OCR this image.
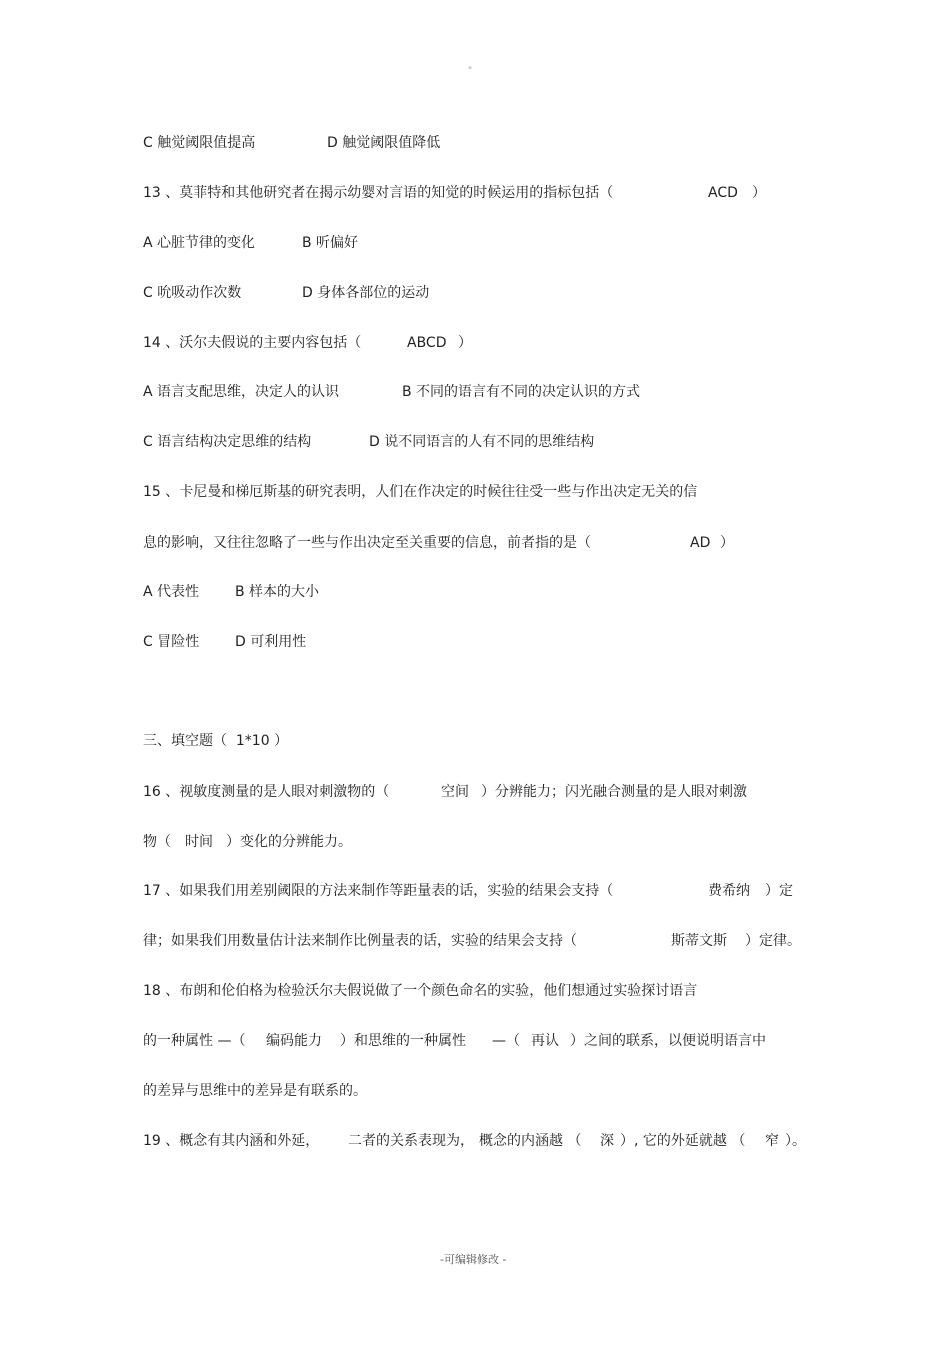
"
C 触觉阈限值提高	D 触觉阈限值降低
13 、莫菲特和其他研究者在揭示幼婴对言语的知觉的时候运用的指标包括（	ACD ）
A 心脏节律的变化	B 听偏好
C 吮吸动作次数	D 身体各部位的运动
14 、沃尔夫假说的主要内容包括（	ABCD ）
A 语言支配思维，决定人的认识	B 不同的语言有不同的决定认识的方式
C 语言结构决定思维的结构	D 说不同语言的人有不同的思维结构
15 、卡尼曼和梯厄斯基的研究表明，人们在作决定的时候往往受一些与作出决定无关的信
息的影响，又往往忽略了一些与作出决定至关重要的信息，前者指的是（	AD ）
A 代表性	B 样本的大小
C 冒险性	D 可利用性
三、填空题（  1*10 ）
16 、视敏度测量的是人眼对刺激物的（	空间 ）分辨能力；闪光融合测量的是人眼对刺激
物（ 时间 ）变化的分辨能力。
17 、如果我们用差别阈限的方法来制作等距量表的话，实验的结果会支持（	费希纳 ）定
律；如果我们用数量估计法来制作比例量表的话，实验的结果会支持（	斯蒂文斯 ）定律。
18 、布朗和伦伯格为检验沃尔夫假说做了一个颜色命名的实验，他们想通过实验探讨语言
的一种属性 —（ 编码能力 ）和思维的一种属性 —（ 再认 ）之间的联系，以便说明语言中
的差异与思维中的差异是有联系的。
19 、概念有其内涵和外延， 二者的关系表现为， 概念的内涵越 （ 深 ）, 它的外延就越 （ 窄 ）。
-可编辑修改 -
